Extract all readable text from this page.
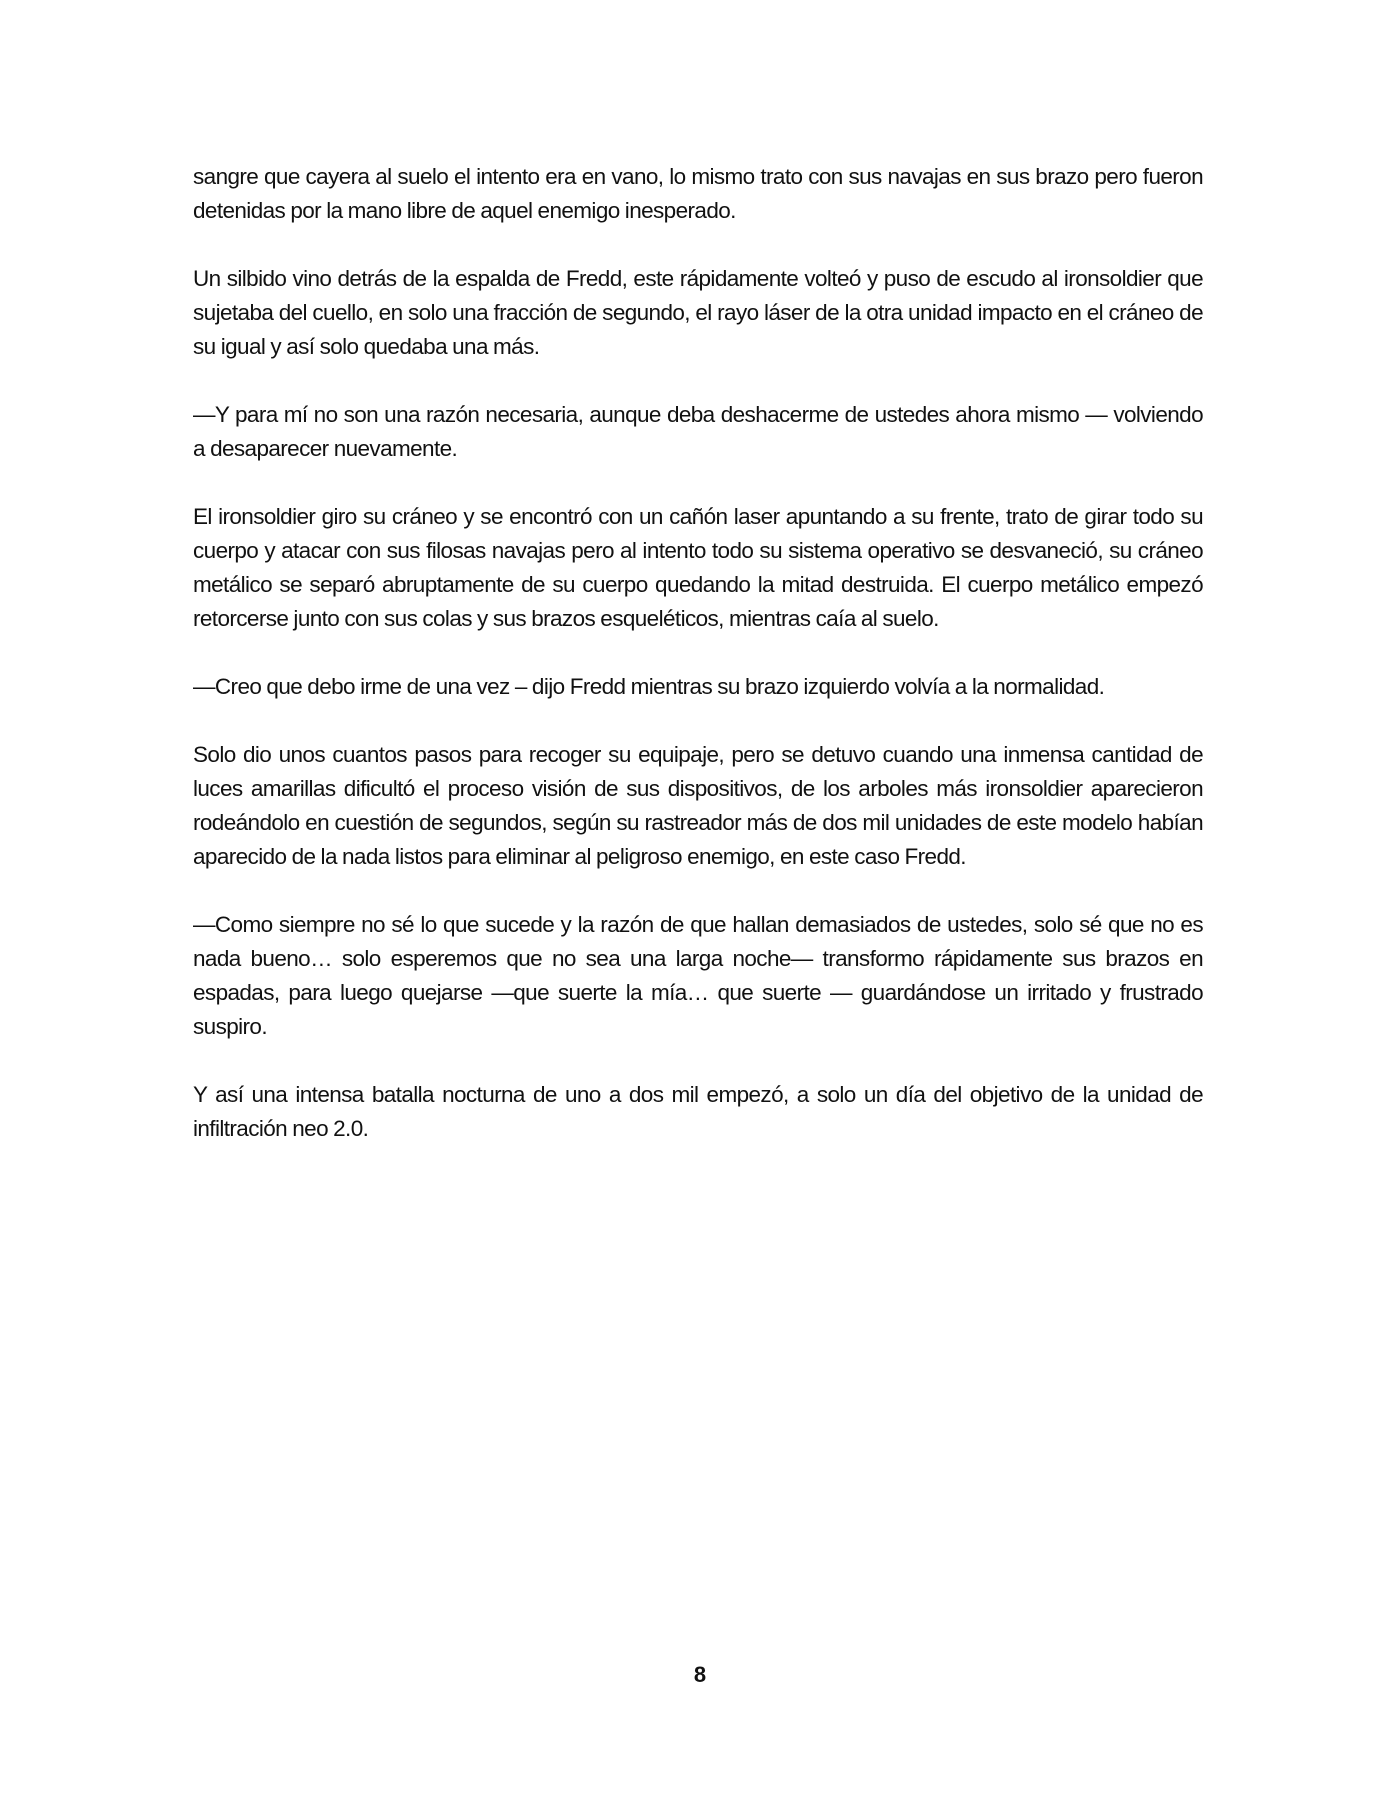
sangre que cayera al suelo el intento era en vano, lo mismo trato con sus navajas en sus brazo pero fueron detenidas por la mano libre de aquel enemigo inesperado.

Un silbido vino detrás de la espalda de Fredd, este rápidamente volteó y puso de escudo al ironsoldier que sujetaba del cuello, en solo una fracción de segundo, el rayo láser de la otra unidad impacto en el cráneo de su igual y así solo quedaba una más.

—Y para mí no son una razón necesaria, aunque deba deshacerme de ustedes ahora mismo — volviendo a desaparecer nuevamente.

El ironsoldier giro su cráneo y se encontró con un cañón laser apuntando a su frente, trato de girar todo su cuerpo y atacar con sus filosas navajas pero al intento todo su sistema operativo se desvaneció, su cráneo metálico se separó abruptamente de su cuerpo quedando la mitad destruida. El cuerpo metálico empezó retorcerse junto con sus colas y sus brazos esqueléticos, mientras caía al suelo.

—Creo que debo irme de una vez – dijo Fredd mientras su brazo izquierdo volvía a la normalidad.

Solo dio unos cuantos pasos para recoger su equipaje, pero se detuvo cuando una inmensa cantidad de luces amarillas dificultó el proceso visión de sus dispositivos, de los arboles más ironsoldier aparecieron rodeándolo en cuestión de segundos, según su rastreador más de dos mil unidades de este modelo habían aparecido de la nada listos para eliminar al peligroso enemigo, en este caso Fredd.

—Como siempre no sé lo que sucede y la razón de que hallan demasiados de ustedes, solo sé que no es nada bueno… solo esperemos que no sea una larga noche— transformo rápidamente sus brazos en espadas, para luego quejarse —que suerte la mía… que suerte — guardándose un irritado y frustrado suspiro.

Y así una intensa batalla nocturna de uno a dos mil empezó, a solo un día del objetivo de la unidad de infiltración neo 2.0.

8
